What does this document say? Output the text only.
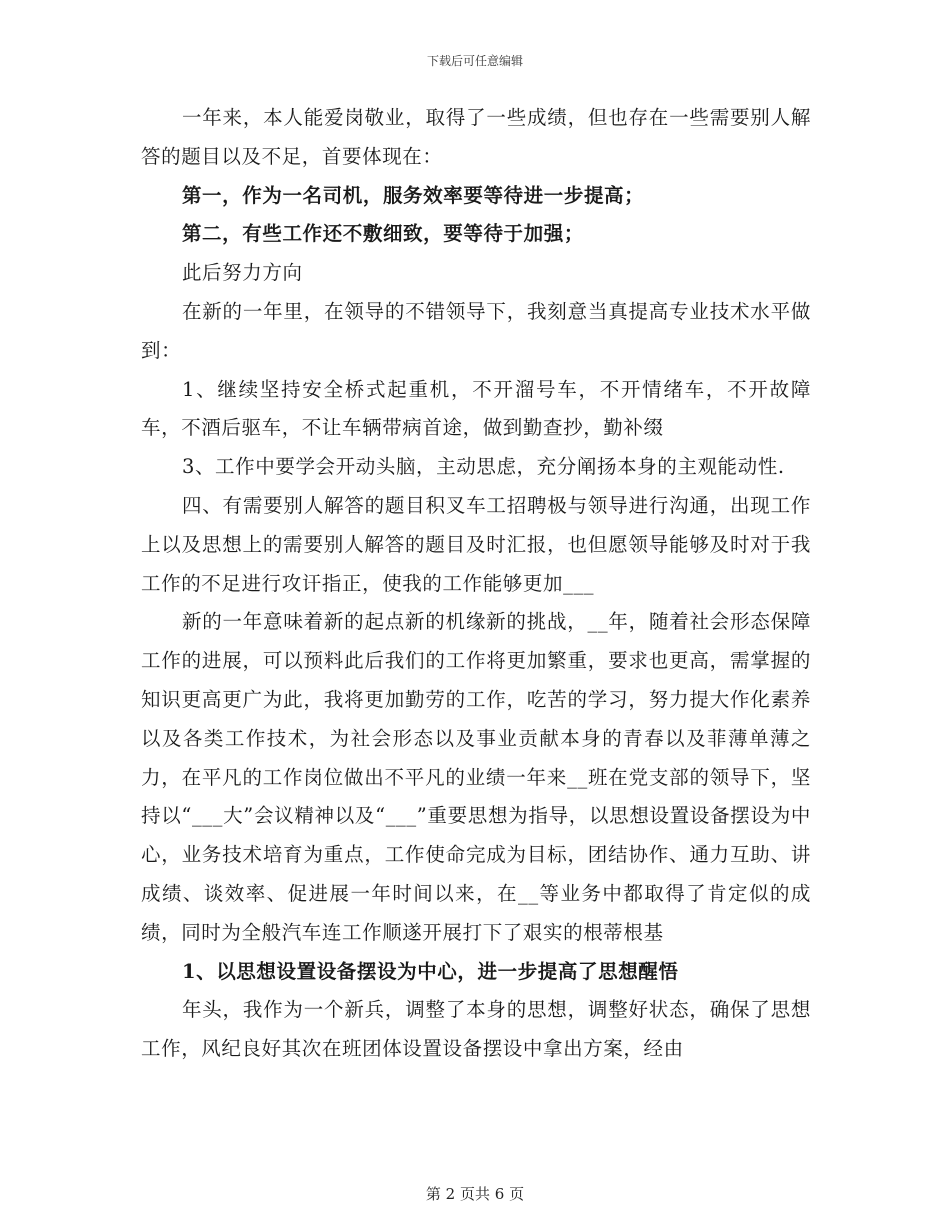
下载后可任意编辑

一年来，本人能爱岗敬业，取得了一些成绩，但也存在一些需要别人解答的题目以及不足，首要体现在：

第一，作为一名司机，服务效率要等待进一步提高；

第二，有些工作还不敷细致，要等待于加强；

此后努力方向

在新的一年里，在领导的不错领导下，我刻意当真提高专业技术水平做到：

1、继续坚持安全桥式起重机，不开溜号车，不开情绪车，不开故障车，不酒后驱车，不让车辆带病首途，做到勤查抄，勤补缀

3、工作中要学会开动头脑，主动思虑，充分阐扬本身的主观能动性.

四、有需要别人解答的题目积叉车工招聘极与领导进行沟通，出现工作上以及思想上的需要别人解答的题目及时汇报，也但愿领导能够及时对于我工作的不足进行攻讦指正，使我的工作能够更加___

新的一年意味着新的起点新的机缘新的挑战，__年，随着社会形态保障工作的进展，可以预料此后我们的工作将更加繁重，要求也更高，需掌握的知识更高更广为此，我将更加勤劳的工作，吃苦的学习，努力提大作化素养以及各类工作技术，为社会形态以及事业贡献本身的青春以及菲薄单薄之力，在平凡的工作岗位做出不平凡的业绩一年来__班在党支部的领导下，坚持以“___大”会议精神以及“___”重要思想为指导，以思想设置设备摆设为中心，业务技术培育为重点，工作使命完成为目标，团结协作、通力互助、讲成绩、谈效率、促进展一年时间以来，在__等业务中都取得了肯定似的成绩，同时为全般汽车连工作顺遂开展打下了艰实的根蒂根基

1、以思想设置设备摆设为中心，进一步提高了思想醒悟

年头，我作为一个新兵，调整了本身的思想，调整好状态，确保了思想工作，风纪良好其次在班团体设置设备摆设中拿出方案，经由

第 2 页共 6 页
